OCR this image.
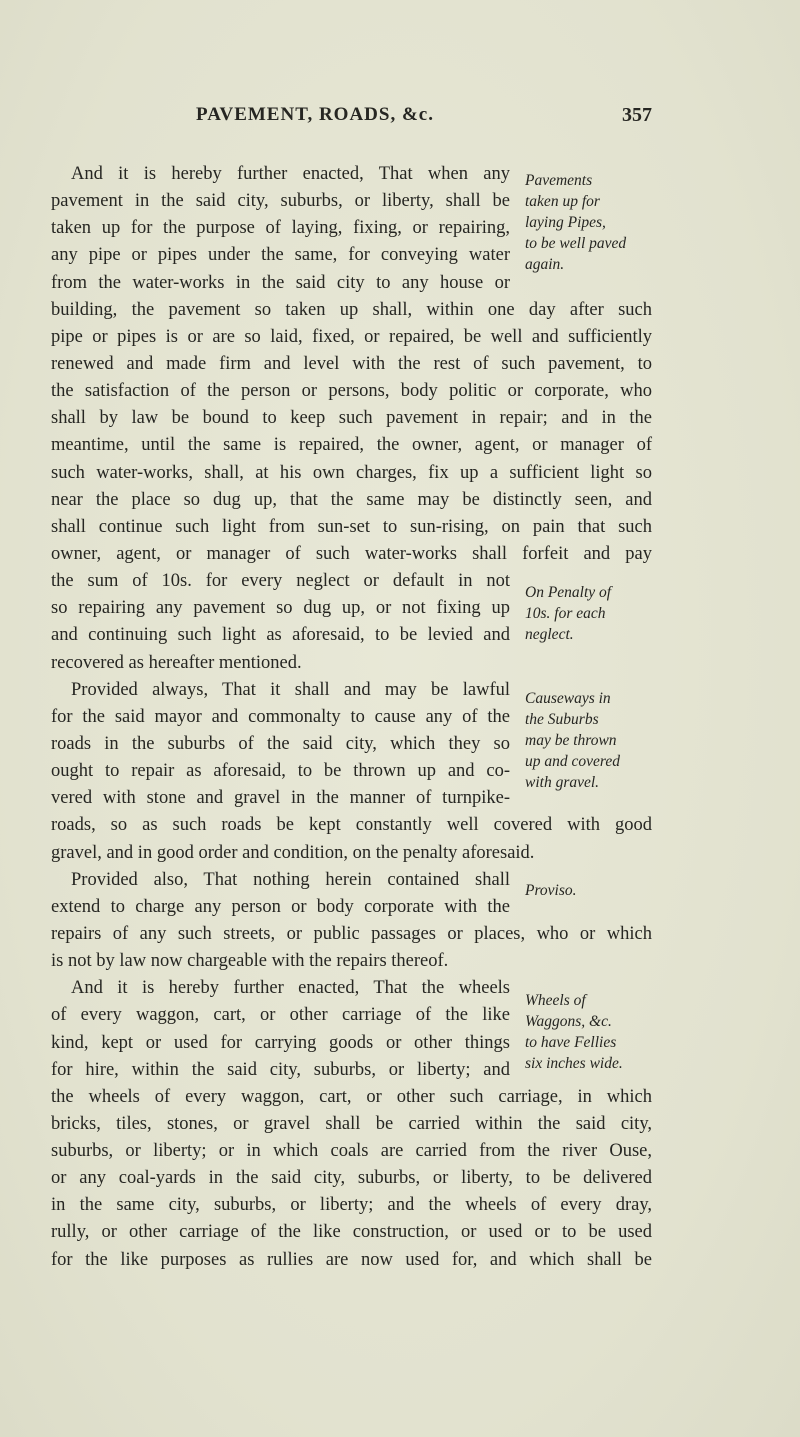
PAVEMENT, ROADS, &c.	357
And it is hereby further enacted, That when any
pavement in the said city, suburbs, or liberty, shall be
taken up for the purpose of laying, fixing, or repairing,
any pipe or pipes under the same, for conveying water
from the water-works in the said city to any house or
building, the pavement so taken up shall, within one day after such
pipe or pipes is or are so laid, fixed, or repaired, be well and sufficiently
renewed and made firm and level with the rest of such pavement, to
the satisfaction of the person or persons, body politic or corporate, who
shall by law be bound to keep such pavement in repair; and in the
meantime, until the same is repaired, the owner, agent, or manager of
such water-works, shall, at his own charges, fix up a sufficient light so
near the place so dug up, that the same may be distinctly seen, and
shall continue such light from sun-set to sun-rising, on pain that such
owner, agent, or manager of such water-works shall forfeit and pay
the sum of 10s. for every neglect or default in not
so repairing any pavement so dug up, or not fixing up
and continuing such light as aforesaid, to be levied and
recovered as hereafter mentioned.
Provided always, That it shall and may be lawful
for the said mayor and commonalty to cause any of the
roads in the suburbs of the said city, which they so
ought to repair as aforesaid, to be thrown up and co-
vered with stone and gravel in the manner of turnpike-
roads, so as such roads be kept constantly well covered with good
gravel, and in good order and condition, on the penalty aforesaid.
Provided also, That nothing herein contained shall
extend to charge any person or body corporate with the
repairs of any such streets, or public passages or places, who or which
is not by law now chargeable with the repairs thereof.
And it is hereby further enacted, That the wheels
of every waggon, cart, or other carriage of the like
kind, kept or used for carrying goods or other things
for hire, within the said city, suburbs, or liberty; and
the wheels of every waggon, cart, or other such carriage, in which
bricks, tiles, stones, or gravel shall be carried within the said city,
suburbs, or liberty; or in which coals are carried from the river Ouse,
or any coal-yards in the said city, suburbs, or liberty, to be delivered
in the same city, suburbs, or liberty; and the wheels of every dray,
rully, or other carriage of the like construction, or used or to be used
for the like purposes as rullies are now used for, and which shall be
Pavements
taken up for
laying Pipes,
to be well paved
again.
On Penalty of
10s. for each
neglect.
Causeways in
the Suburbs
may be thrown
up and covered
with gravel.
Proviso.
Wheels of
Waggons, &c.
to have Fellies
six inches wide.
